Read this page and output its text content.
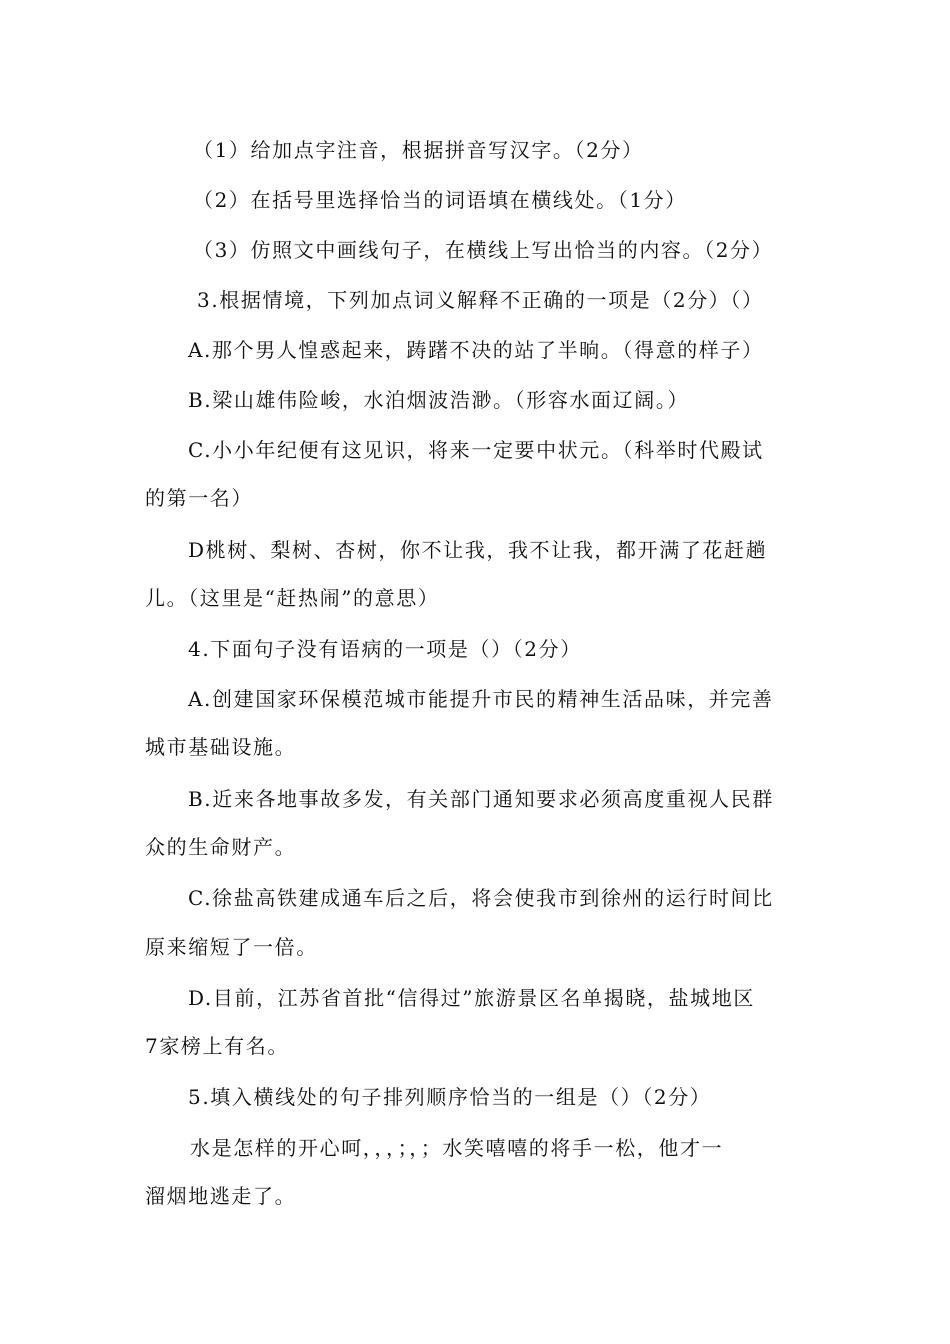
（1）给加点字注音，根据拼音写汉字。（2分）
（2）在括号里选择恰当的词语填在横线处。（1分）
（3）仿照文中画线句子，在横线上写出恰当的内容。（2分）
3.根据情境，下列加点词义解释不正确的一项是（2分）（）
A.那个男人惶惑起来，踌躇不决的站了半晌。（得意的样子）
B.梁山雄伟险峻，水泊烟波浩渺。（形容水面辽阔。）
C.小小年纪便有这见识，将来一定要中状元。（科举时代殿试
的第一名）
D桃树、梨树、杏树，你不让我，我不让我，都开满了花赶趟
儿。（这里是“赶热闹”的意思）
4.下面句子没有语病的一项是（）（2分）
A.创建国家环保模范城市能提升市民的精神生活品味，并完善
城市基础设施。
B.近来各地事故多发，有关部门通知要求必须高度重视人民群
众的生命财产。
C.徐盐高铁建成通车后之后，将会使我市到徐州的运行时间比
原来缩短了一倍。
D.目前，江苏省首批“信得过”旅游景区名单揭晓，盐城地区
7家榜上有名。
5.填入横线处的句子排列顺序恰当的一组是（）（2分）
水是怎样的开心呵，，，；，；水笑嘻嘻的将手一松，他才一
溜烟地逃走了。
